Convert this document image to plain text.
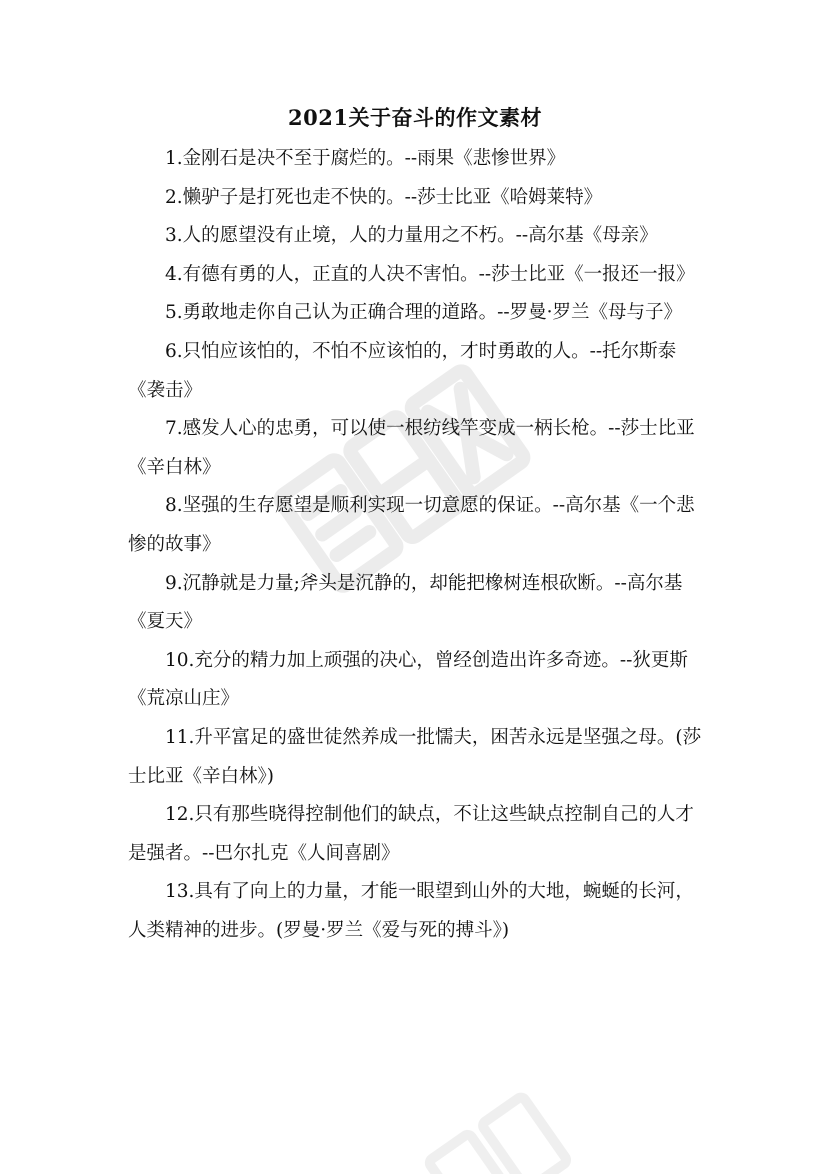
2021关于奋斗的作文素材

1.金刚石是决不至于腐烂的。--雨果《悲惨世界》

2.懒驴子是打死也走不快的。--莎士比亚《哈姆莱特》

3.人的愿望没有止境，人的力量用之不朽。--高尔基《母亲》

4.有德有勇的人，正直的人决不害怕。--莎士比亚《一报还一报》

5.勇敢地走你自己认为正确合理的道路。--罗曼·罗兰《母与子》

6.只怕应该怕的，不怕不应该怕的，才时勇敢的人。--托尔斯泰《袭击》

7.感发人心的忠勇，可以使一根纺线竿变成一柄长枪。--莎士比亚《辛白林》

8.坚强的生存愿望是顺利实现一切意愿的保证。--高尔基《一个悲惨的故事》

9.沉静就是力量;斧头是沉静的，却能把橡树连根砍断。--高尔基《夏天》

10.充分的精力加上顽强的决心，曾经创造出许多奇迹。--狄更斯《荒凉山庄》

11.升平富足的盛世徒然养成一批懦夫，困苦永远是坚强之母。(莎士比亚《辛白林》)

12.只有那些晓得控制他们的缺点，不让这些缺点控制自己的人才是强者。--巴尔扎克《人间喜剧》

13.具有了向上的力量，才能一眼望到山外的大地，蜿蜒的长河，人类精神的进步。(罗曼·罗兰《爱与死的搏斗》)
